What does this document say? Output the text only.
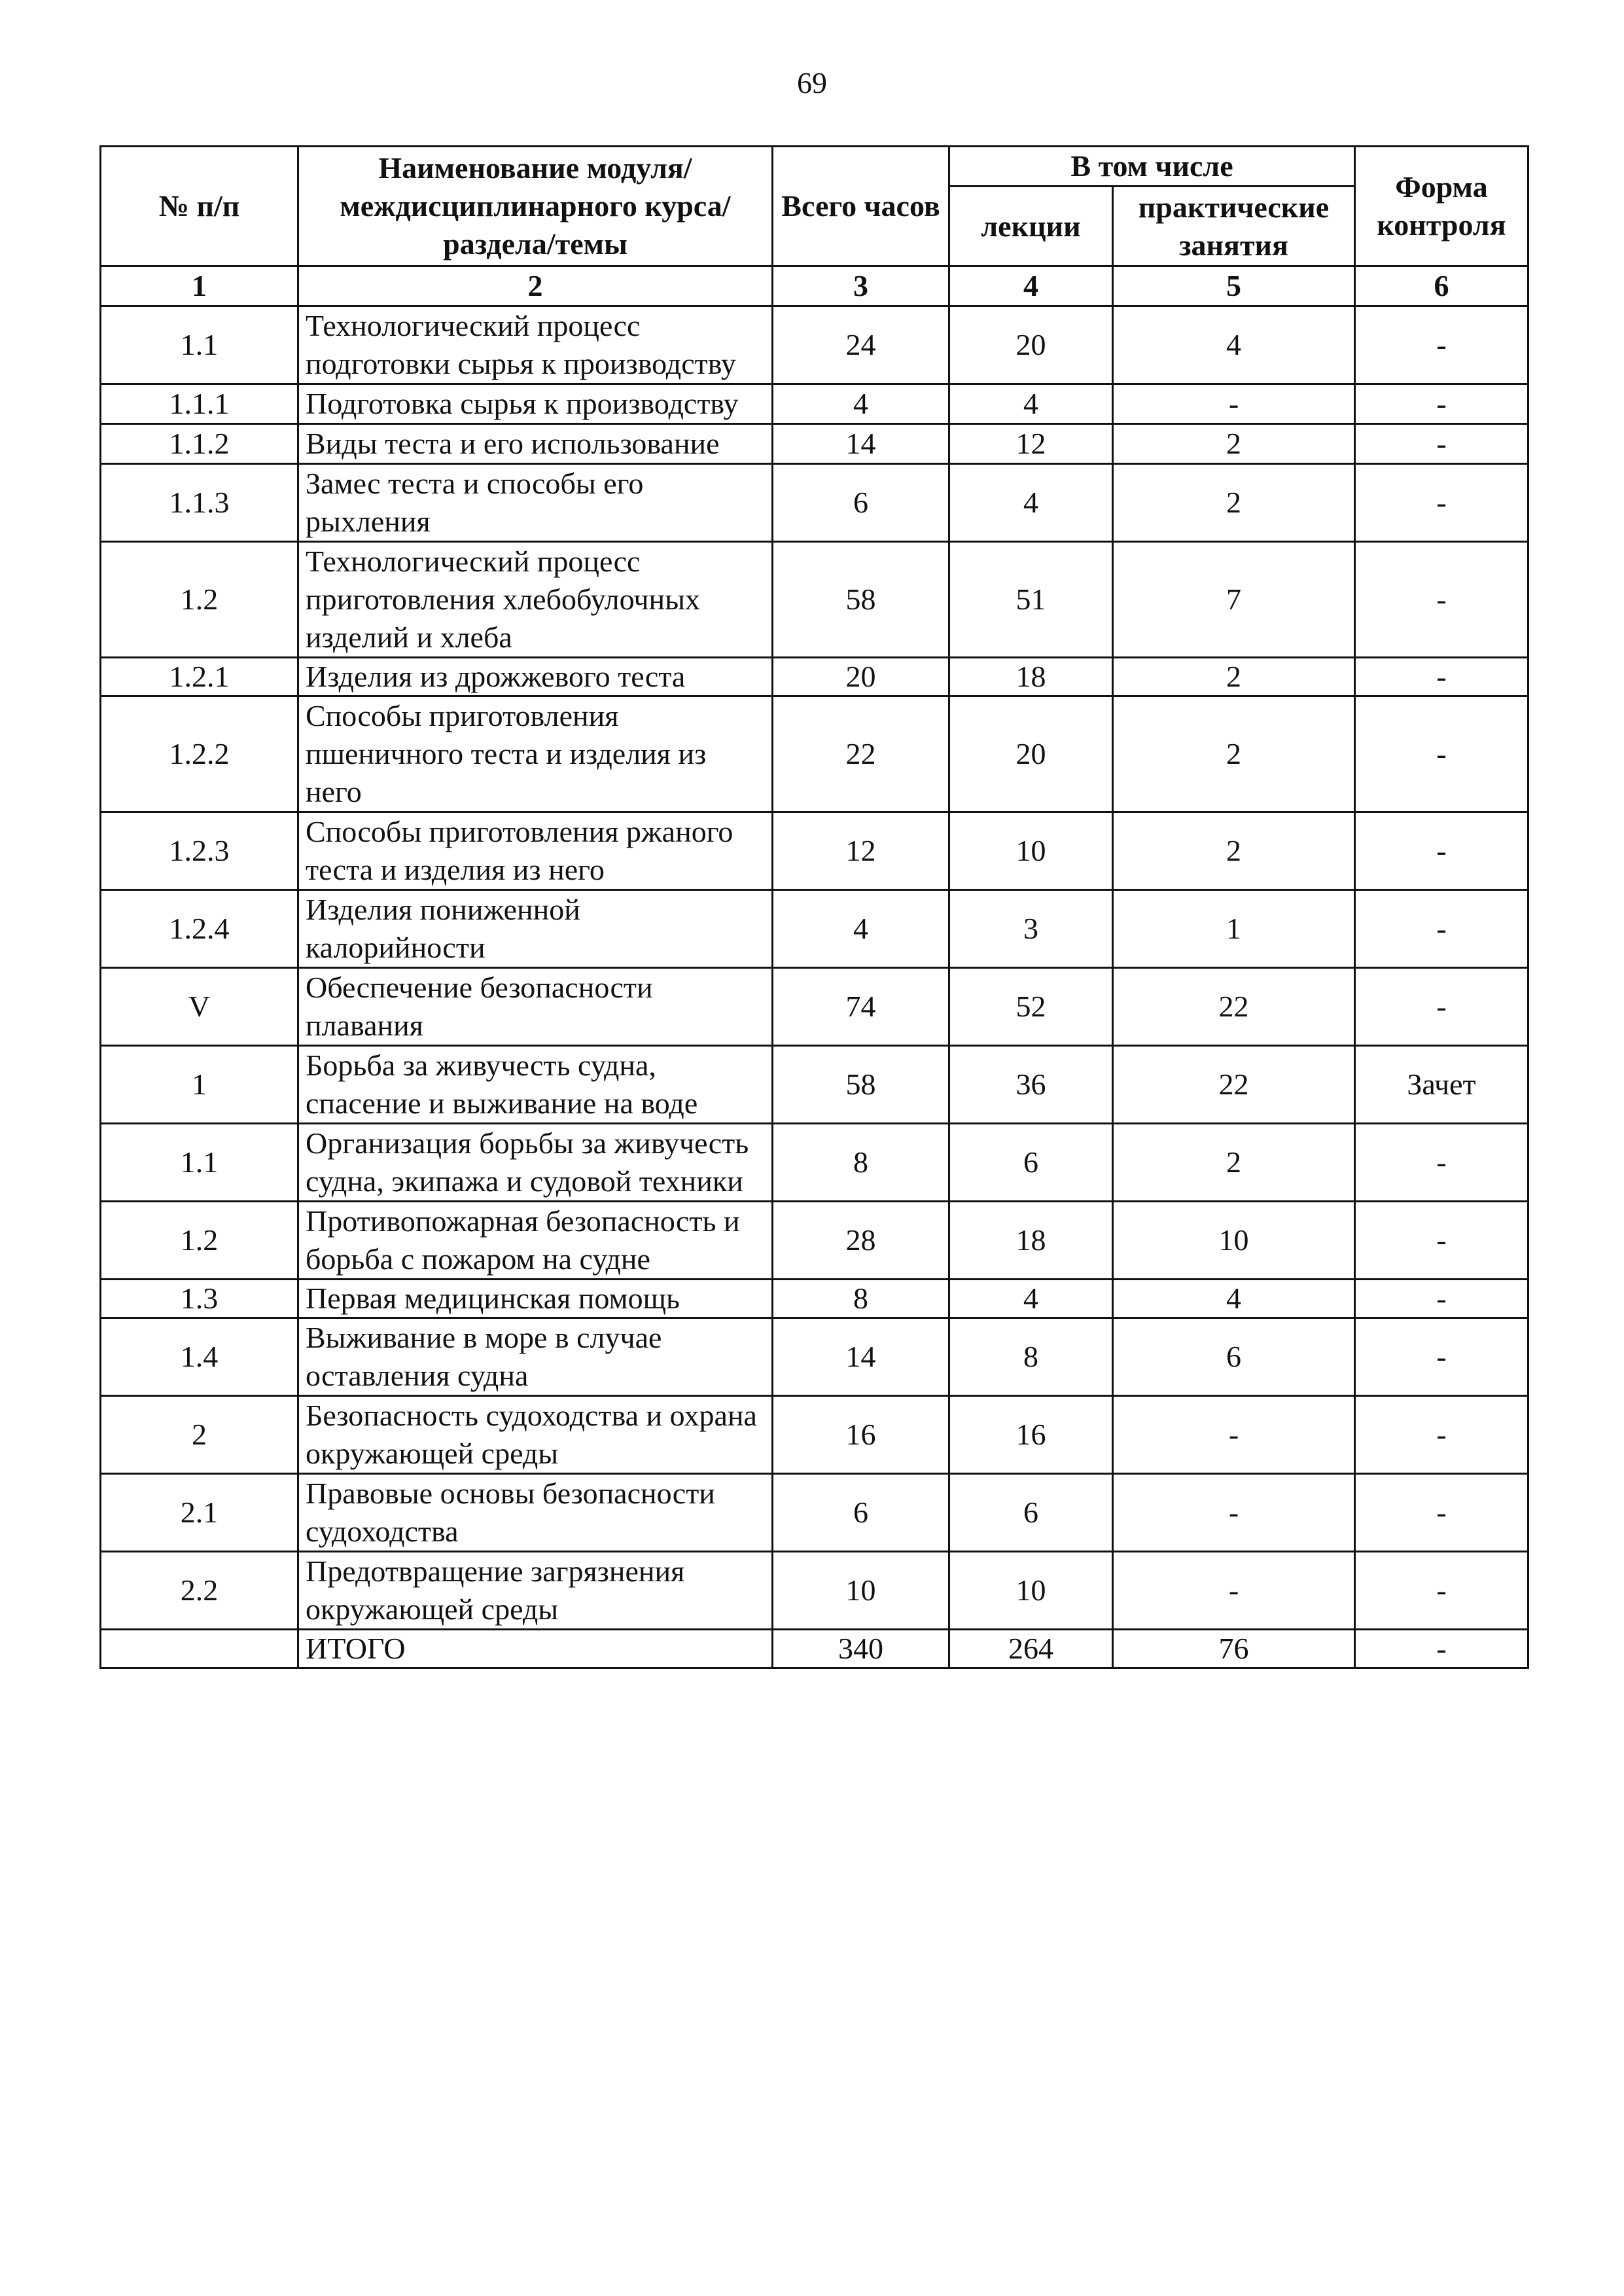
69
№ п/п	Наименование модуля/междисциплинарного курса/раздела/темы	Всего часов	В том числе		Форма контроля
			лекции	практические занятия	
1	2	3	4	5	6
1.1	Технологический процесс подготовки сырья к производству	24	20	4	-
1.1.1	Подготовка сырья к производству	4	4	-	-
1.1.2	Виды теста и его использование	14	12	2	-
1.1.3	Замес теста и способы его рыхления	6	4	2	-
1.2	Технологический процесс приготовления хлебобулочных изделий и хлеба	58	51	7	-
1.2.1	Изделия из дрожжевого теста	20	18	2	-
1.2.2	Способы приготовления пшеничного теста и изделия из него	22	20	2	-
1.2.3	Способы приготовления ржаного теста и изделия из него	12	10	2	-
1.2.4	Изделия пониженной калорийности	4	3	1	-
V	Обеспечение безопасности плавания	74	52	22	-
1	Борьба за живучесть судна, спасение и выживание на воде	58	36	22	Зачет
1.1	Организация борьбы за живучесть судна, экипажа и судовой техники	8	6	2	-
1.2	Противопожарная безопасность и борьба с пожаром на судне	28	18	10	-
1.3	Первая медицинская помощь	8	4	4	-
1.4	Выживание в море в случае оставления судна	14	8	6	-
2	Безопасность судоходства и охрана окружающей среды	16	16	-	-
2.1	Правовые основы безопасности судоходства	6	6	-	-
2.2	Предотвращение загрязнения окружающей среды	10	10	-	-
	ИТОГО	340	264	76	-
